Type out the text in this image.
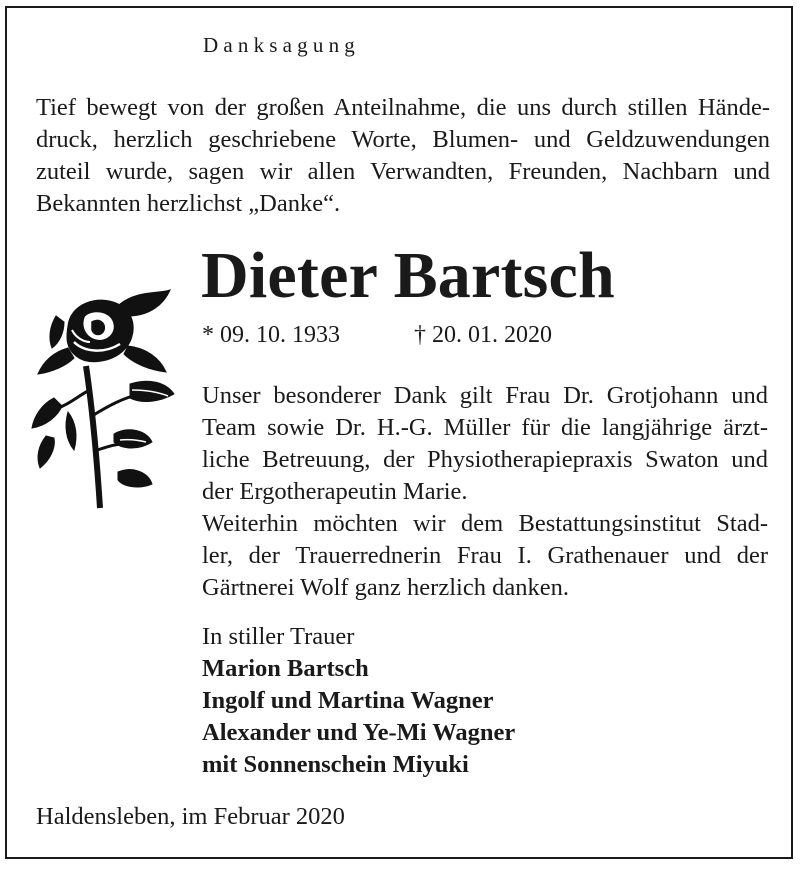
Danksagung
Tief bewegt von der großen Anteilnahme, die uns durch stillen Hände-
druck, herzlich geschriebene Worte, Blumen- und Geldzuwendungen
zuteil wurde, sagen wir allen Verwandten, Freunden, Nachbarn und
Bekannten herzlichst „Danke“.
Dieter Bartsch
* 09. 10. 1933	† 20. 01. 2020
Unser besonderer Dank gilt Frau Dr. Grotjohann und
Team sowie Dr. H.-G. Müller für die langjährige ärzt-
liche Betreuung, der Physiotherapiepraxis Swaton und
der Ergotherapeutin Marie.
Weiterhin möchten wir dem Bestattungsinstitut Stad-
ler, der Trauerrednerin Frau I. Grathenauer und der
Gärtnerei Wolf ganz herzlich danken.
In stiller Trauer
Marion Bartsch
Ingolf und Martina Wagner
Alexander und Ye-Mi Wagner
mit Sonnenschein Miyuki
Haldensleben, im Februar 2020
